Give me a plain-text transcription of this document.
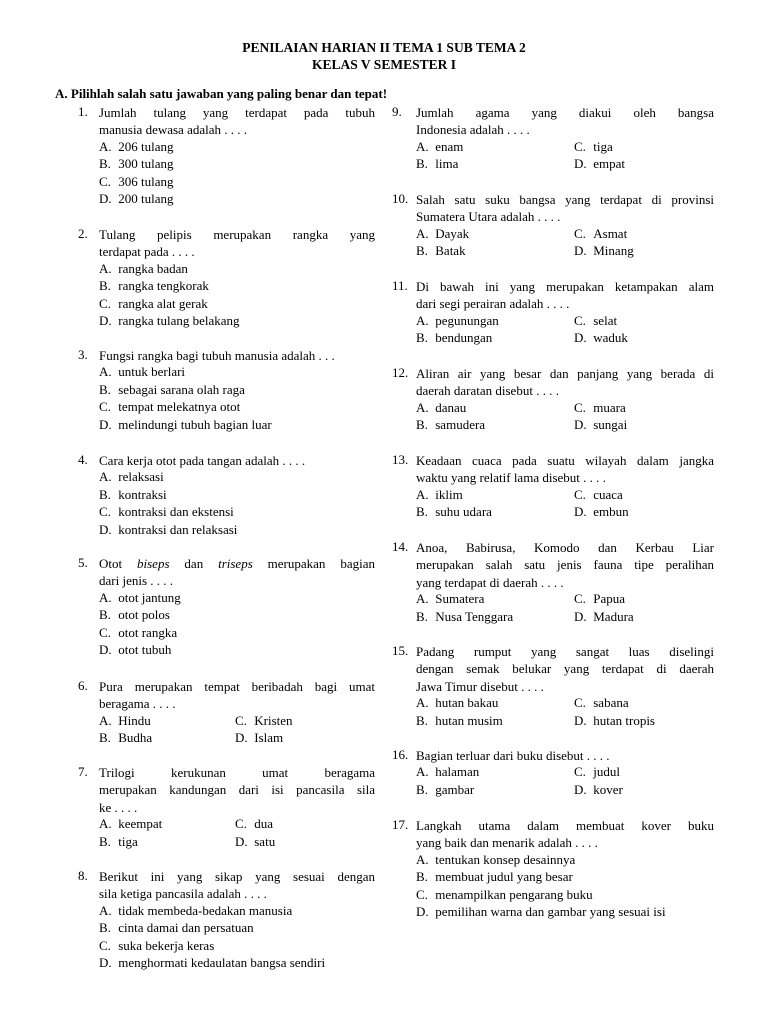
PENILAIAN HARIAN II TEMA 1 SUB TEMA 2
KELAS V SEMESTER I
A. Pilihlah salah satu jawaban yang paling benar dan tepat!
1. Jumlah tulang yang terdapat pada tubuh
manusia dewasa adalah . . . .
A. 206 tulang
B. 300 tulang
C. 306 tulang
D. 200 tulang
2. Tulang pelipis merupakan rangka yang
terdapat pada . . . .
A. rangka badan
B. rangka tengkorak
C. rangka alat gerak
D. rangka tulang belakang
3. Fungsi rangka bagi tubuh manusia adalah . . .
A. untuk berlari
B. sebagai sarana olah raga
C. tempat melekatnya otot
D. melindungi tubuh bagian luar
4. Cara kerja otot pada tangan adalah . . . .
A. relaksasi
B. kontraksi
C. kontraksi dan ekstensi
D. kontraksi dan relaksasi
5. Otot biseps dan triseps merupakan bagian
dari jenis . . . .
A. otot jantung
B. otot polos
C. otot rangka
D. otot tubuh
6. Pura merupakan tempat beribadah bagi umat
beragama . . . .
A. Hindu	C. Kristen
B. Budha	D. Islam
7. Trilogi kerukunan umat beragama
merupakan kandungan dari isi pancasila sila
ke . . . .
A. keempat	C. dua
B. tiga	D. satu
8. Berikut ini yang sikap yang sesuai dengan
sila ketiga pancasila adalah . . . .
A. tidak membeda-bedakan manusia
B. cinta damai dan persatuan
C. suka bekerja keras
D. menghormati kedaulatan bangsa sendiri
9. Jumlah agama yang diakui oleh bangsa
Indonesia adalah . . . .
A. enam	C. tiga
B. lima	D. empat
10. Salah satu suku bangsa yang terdapat di provinsi
Sumatera Utara adalah . . . .
A. Dayak	C. Asmat
B. Batak	D. Minang
11. Di bawah ini yang merupakan ketampakan alam
dari segi perairan adalah . . . .
A. pegunungan	C. selat
B. bendungan	D. waduk
12. Aliran air yang besar dan panjang yang berada di
daerah daratan disebut . . . .
A. danau	C. muara
B. samudera	D. sungai
13. Keadaan cuaca pada suatu wilayah dalam jangka
waktu yang relatif lama disebut . . . .
A. iklim	C. cuaca
B. suhu udara	D. embun
14. Anoa, Babirusa, Komodo dan Kerbau Liar
merupakan salah satu jenis fauna tipe peralihan
yang terdapat di daerah . . . .
A. Sumatera	C. Papua
B. Nusa Tenggara	D. Madura
15. Padang rumput yang sangat luas diselingi
dengan semak belukar yang terdapat di daerah
Jawa Timur disebut . . . .
A. hutan bakau	C. sabana
B. hutan musim	D. hutan tropis
16. Bagian terluar dari buku disebut . . . .
A. halaman	C. judul
B. gambar	D. kover
17. Langkah utama dalam membuat kover buku
yang baik dan menarik adalah . . . .
A. tentukan konsep desainnya
B. membuat judul yang besar
C. menampilkan pengarang buku
D. pemilihan warna dan gambar yang sesuai isi
